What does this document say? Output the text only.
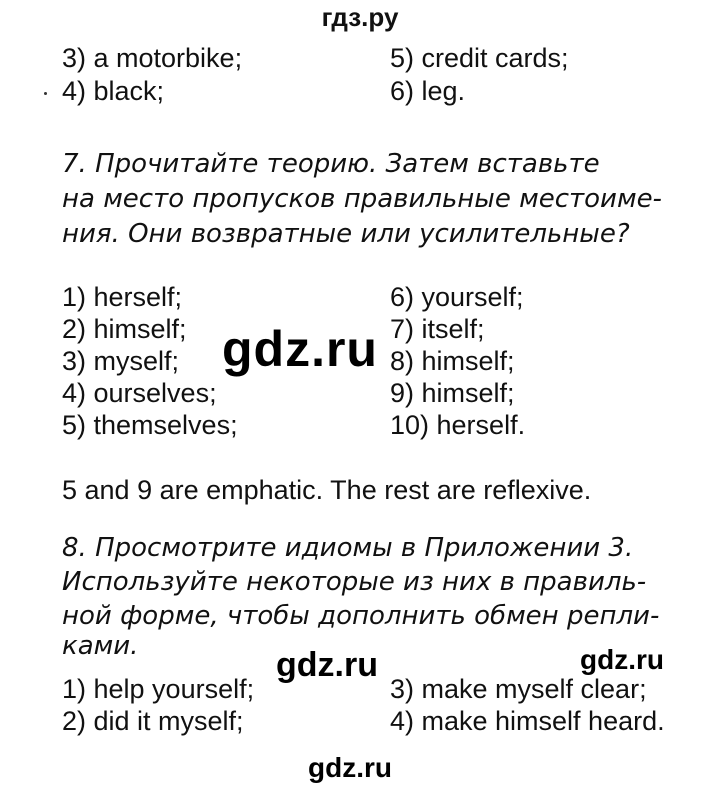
гдз.ру
3) a motorbike;
4) black;
5) credit cards;
6) leg.
7. Прочитайте теорию. Затем вставьте
на место пропусков правильные местоиме-
ния. Они возвратные или усилительные?
1) herself;
2) himself;
3) myself;
4) ourselves;
5) themselves;
6) yourself;
7) itself;
8) himself;
9) himself;
10) herself.
gdz.ru
5 and 9 are emphatic. The rest are reflexive.
8. Просмотрите идиомы в Приложении 3.
Используйте некоторые из них в правиль-
ной форме, чтобы дополнить обмен репли-
ками.	gdz.ru	gdz.ru
1) help yourself;
2) did it myself;
3) make myself clear;
4) make himself heard.
gdz.ru
